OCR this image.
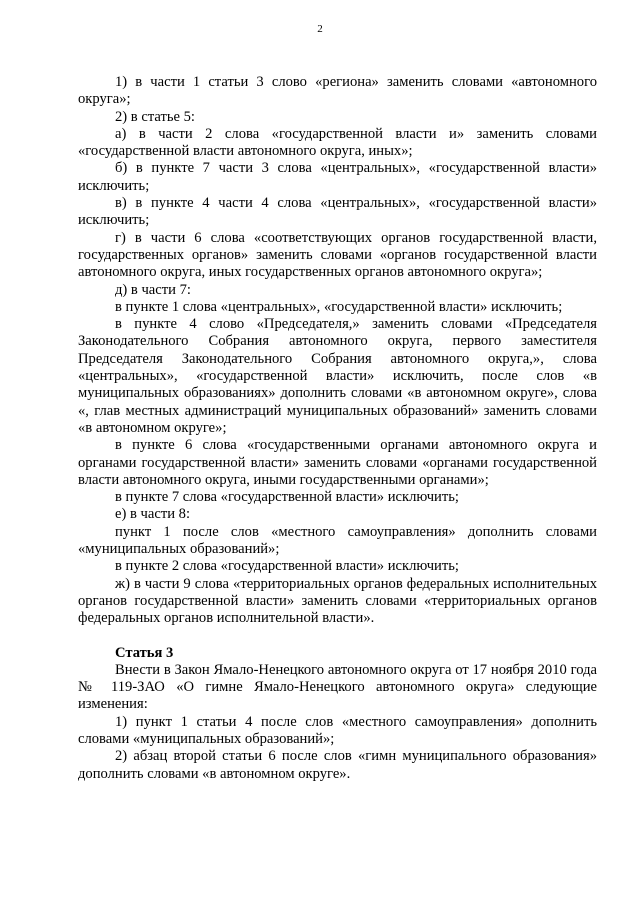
2

1) в части 1 статьи 3 слово «региона» заменить словами «автономного округа»;

2) в статье 5:

а) в части 2 слова «государственной власти и» заменить словами «государственной власти автономного округа, иных»;

б) в пункте 7 части 3 слова «центральных», «государственной власти» исключить;

в) в пункте 4 части 4 слова «центральных», «государственной власти» исключить;

г) в части 6 слова «соответствующих органов государственной власти, государственных органов» заменить словами «органов государственной власти автономного округа, иных государственных органов автономного округа»;

д) в части 7:

в пункте 1 слова «центральных», «государственной власти» исключить;

в пункте 4 слово «Председателя,» заменить словами «Председателя Законодательного Собрания автономного округа, первого заместителя Председателя Законодательного Собрания автономного округа,», слова «центральных», «государственной власти» исключить, после слов «в муниципальных образованиях» дополнить словами «в автономном округе», слова «, глав местных администраций муниципальных образований» заменить словами «в автономном округе»;

в пункте 6 слова «государственными органами автономного округа и органами государственной власти» заменить словами «органами государственной власти автономного округа, иными государственными органами»;

в пункте 7 слова «государственной власти» исключить;

е) в части 8:

пункт 1 после слов «местного самоуправления» дополнить словами «муниципальных образований»;

в пункте 2 слова «государственной власти» исключить;

ж) в части 9 слова «территориальных органов федеральных исполнительных органов государственной власти» заменить словами «территориальных органов федеральных органов исполнительной власти».

Статья 3

Внести в Закон Ямало-Ненецкого автономного округа от 17 ноября 2010 года № 119-ЗАО «О гимне Ямало-Ненецкого автономного округа» следующие изменения:

1) пункт 1 статьи 4 после слов «местного самоуправления» дополнить словами «муниципальных образований»;

2) абзац второй статьи 6 после слов «гимн муниципального образования» дополнить словами «в автономном округе».
